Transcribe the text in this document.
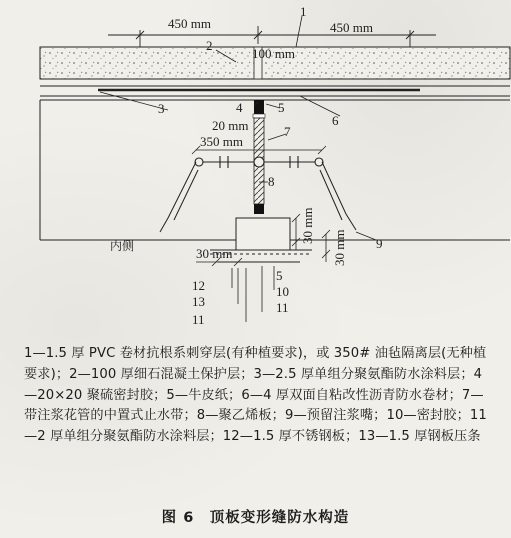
450 mm	450 mm
100 mm
20 mm
350 mm
30 mm
30 mm
30 mm
内侧
1
2
3	4	5
6
7
8
9
5
10
11
12
13
11

1—1.5 厚 PVC 卷材抗根系刺穿层(有种植要求)，或 350# 油毡隔离层(无种植要求)；2—100 厚细石混凝土保护层；3—2.5 厚单组分聚氨酯防水涂料层；4—20×20 聚硫密封胶；5—牛皮纸；6—4 厚双面自粘改性沥青防水卷材；7—带注浆花管的中置式止水带；8—聚乙烯板；9—预留注浆嘴；10—密封胶；11—2 厚单组分聚氨酯防水涂料层；12—1.5 厚不锈钢板；13—1.5 厚钢板压条

图 6　顶板变形缝防水构造
